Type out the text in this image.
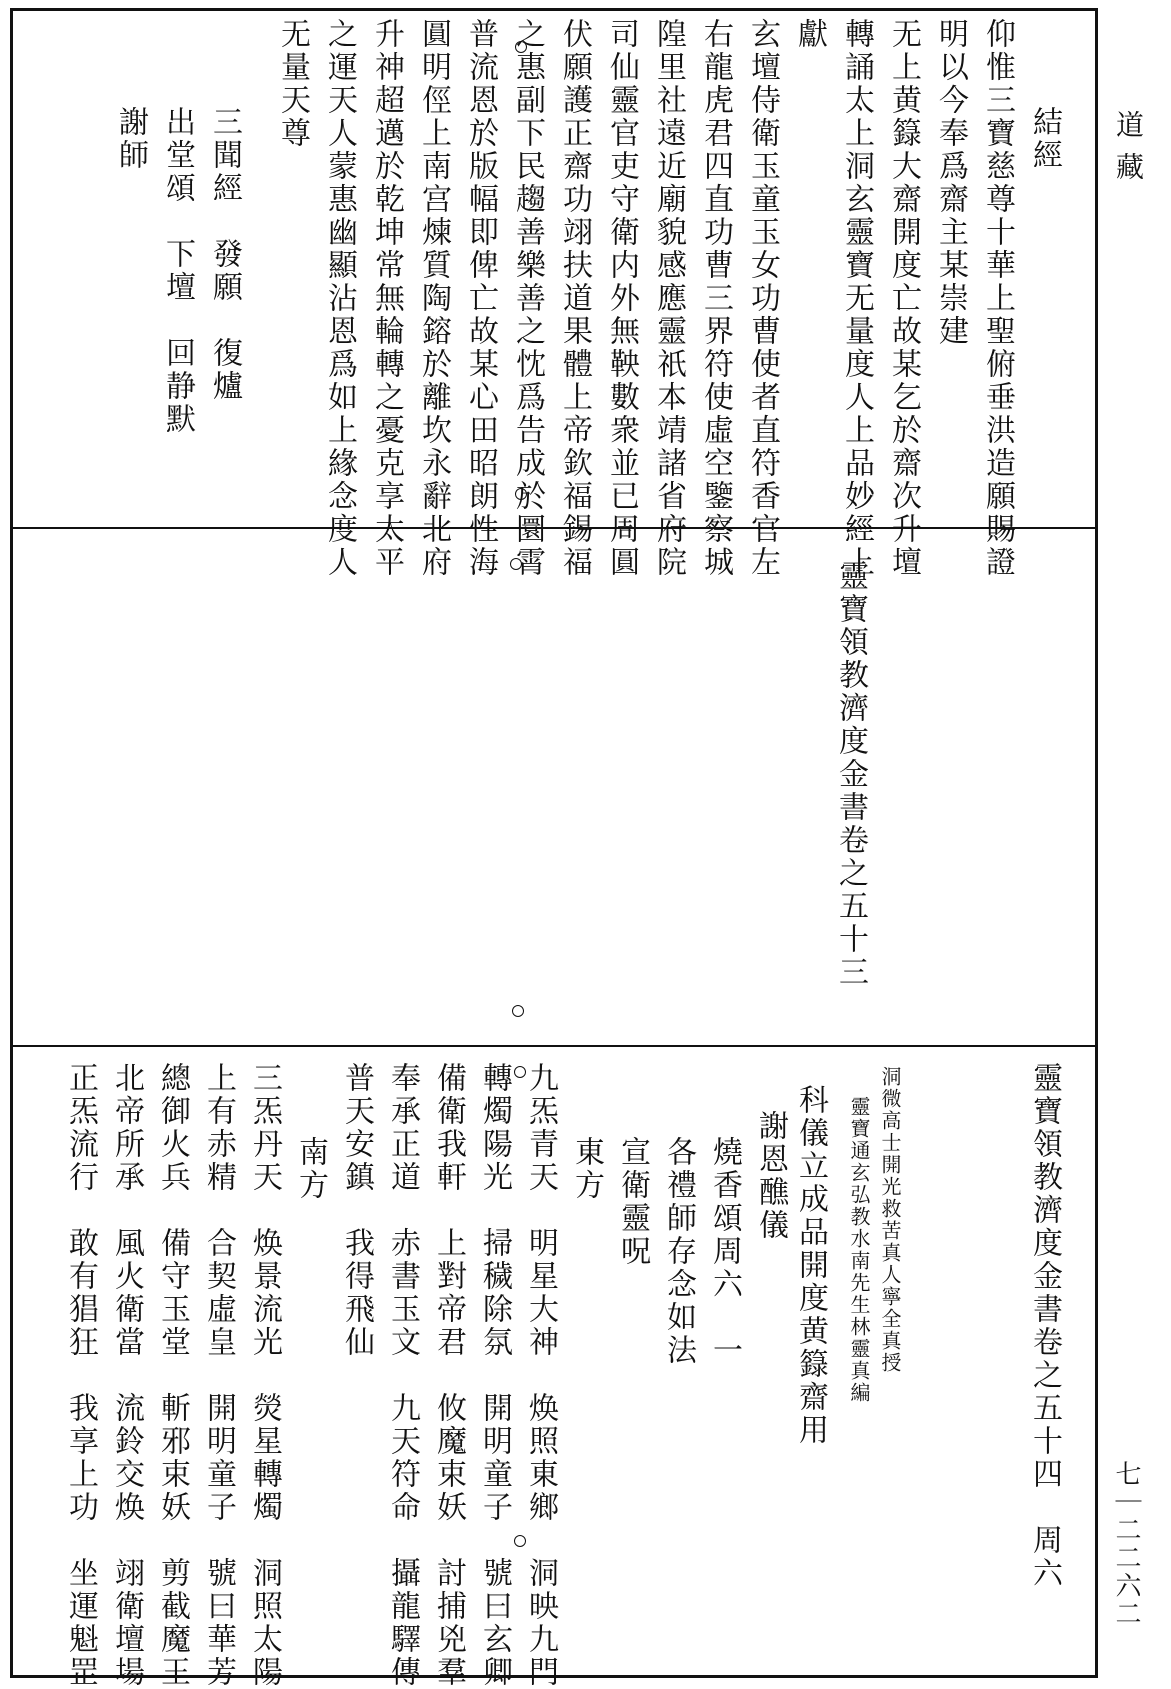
道藏
七｜二二六二
結經
仰惟三寶慈尊十華上聖俯垂洪造願賜證
明以今奉爲齋主某崇建
无上黄籙大齋開度亡故某乞於齋次升壇
轉誦太上洞玄靈寶无量度人上品妙經上
獻
玄壇侍衛玉童玉女功曹使者直符香官左
右龍虎君四直功曹三界符使虛空鑒察城
隍里社遠近廟貌感應靈祇本靖諸省府院
司仙靈官吏守衛内外無鞅數衆並已周圓
伏願護正齋功翊扶道果體上帝欽福錫福
之惠副下民趨善樂善之忱爲告成於圜霄
普流恩於版幅即俾亡故某心田昭朗性海
圓明俓上南宫煉質陶鎔於離坎永辭北府
升神超邁於乾坤常無輪轉之憂克享太平
之運天人蒙惠幽顯沾恩爲如上緣念度人
无量天尊
三聞經　發願　復爐
出堂頌　下壇　回静默
謝師
靈寶領教濟度金書卷之五十三
靈寶領教濟度金書卷之五十四　周六
洞微高士開光救苦真人寧全真授
靈寶通玄弘教水南先生林靈真編
科儀立成品開度黄籙齋用
謝恩醮儀
燒香頌周六　一
各禮師存念如法
宣衛靈呪
東方
九炁青天　明星大神　焕照東鄉　洞映九門
轉燭陽光　掃穢除氛　開明童子　號曰玄卿
備衛我軒　上對帝君　攸魔束妖　討捕兇羣
奉承正道　赤書玉文　九天符命　攝龍驛傳
普天安鎮　我得飛仙
南方
三炁丹天　焕景流光　熒星轉燭　洞照太陽
上有赤精　合契虛皇　開明童子　號曰華芳
總御火兵　備守玉堂　斬邪束妖　剪截魔王
北帝所承　風火衛當　流鈴交焕　翊衛壇場
正炁流行　敢有猖狂　我享上功　坐運魁罡
